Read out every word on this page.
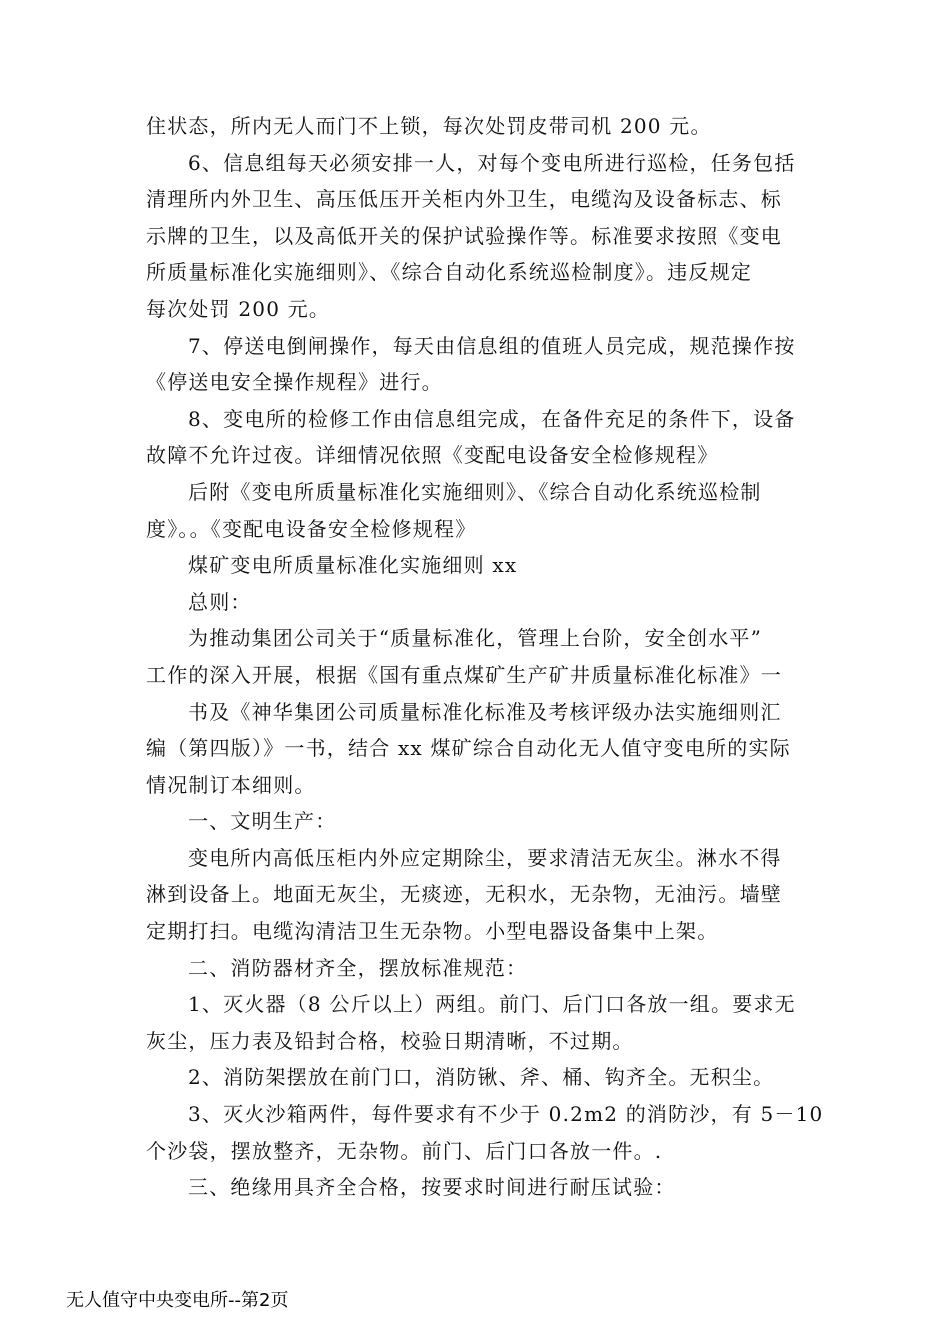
住状态，所内无人而门不上锁，每次处罚皮带司机 200 元。
6、信息组每天必须安排一人，对每个变电所进行巡检，任务包括
清理所内外卫生、高压低压开关柜内外卫生，电缆沟及设备标志、标
示牌的卫生，以及高低开关的保护试验操作等。标准要求按照《变电
所质量标准化实施细则》、《综合自动化系统巡检制度》。违反规定
每次处罚 200 元。
7、停送电倒闸操作，每天由信息组的值班人员完成，规范操作按
《停送电安全操作规程》进行。
8、变电所的检修工作由信息组完成，在备件充足的条件下，设备
故障不允许过夜。详细情况依照《变配电设备安全检修规程》
后附《变电所质量标准化实施细则》、《综合自动化系统巡检制
度》。。《变配电设备安全检修规程》
煤矿变电所质量标准化实施细则 xx
总则：
为推动集团公司关于“质量标准化，管理上台阶，安全创水平”
工作的深入开展，根据《国有重点煤矿生产矿井质量标准化标准》一
书及《神华集团公司质量标准化标准及考核评级办法实施细则汇
编（第四版）》一书，结合 xx 煤矿综合自动化无人值守变电所的实际
情况制订本细则。
一、文明生产：
变电所内高低压柜内外应定期除尘，要求清洁无灰尘。淋水不得
淋到设备上。地面无灰尘，无痰迹，无积水，无杂物，无油污。墙壁
定期打扫。电缆沟清洁卫生无杂物。小型电器设备集中上架。
二、消防器材齐全，摆放标准规范：
1、灭火器（8 公斤以上）两组。前门、后门口各放一组。要求无
灰尘，压力表及铅封合格，校验日期清晰，不过期。
2、消防架摆放在前门口，消防锹、斧、桶、钩齐全。无积尘。
3、灭火沙箱两件，每件要求有不少于 0.2m2 的消防沙，有 5－10
个沙袋，摆放整齐，无杂物。前门、后门口各放一件。.
三、绝缘用具齐全合格，按要求时间进行耐压试验：
无人值守中央变电所--第2页
